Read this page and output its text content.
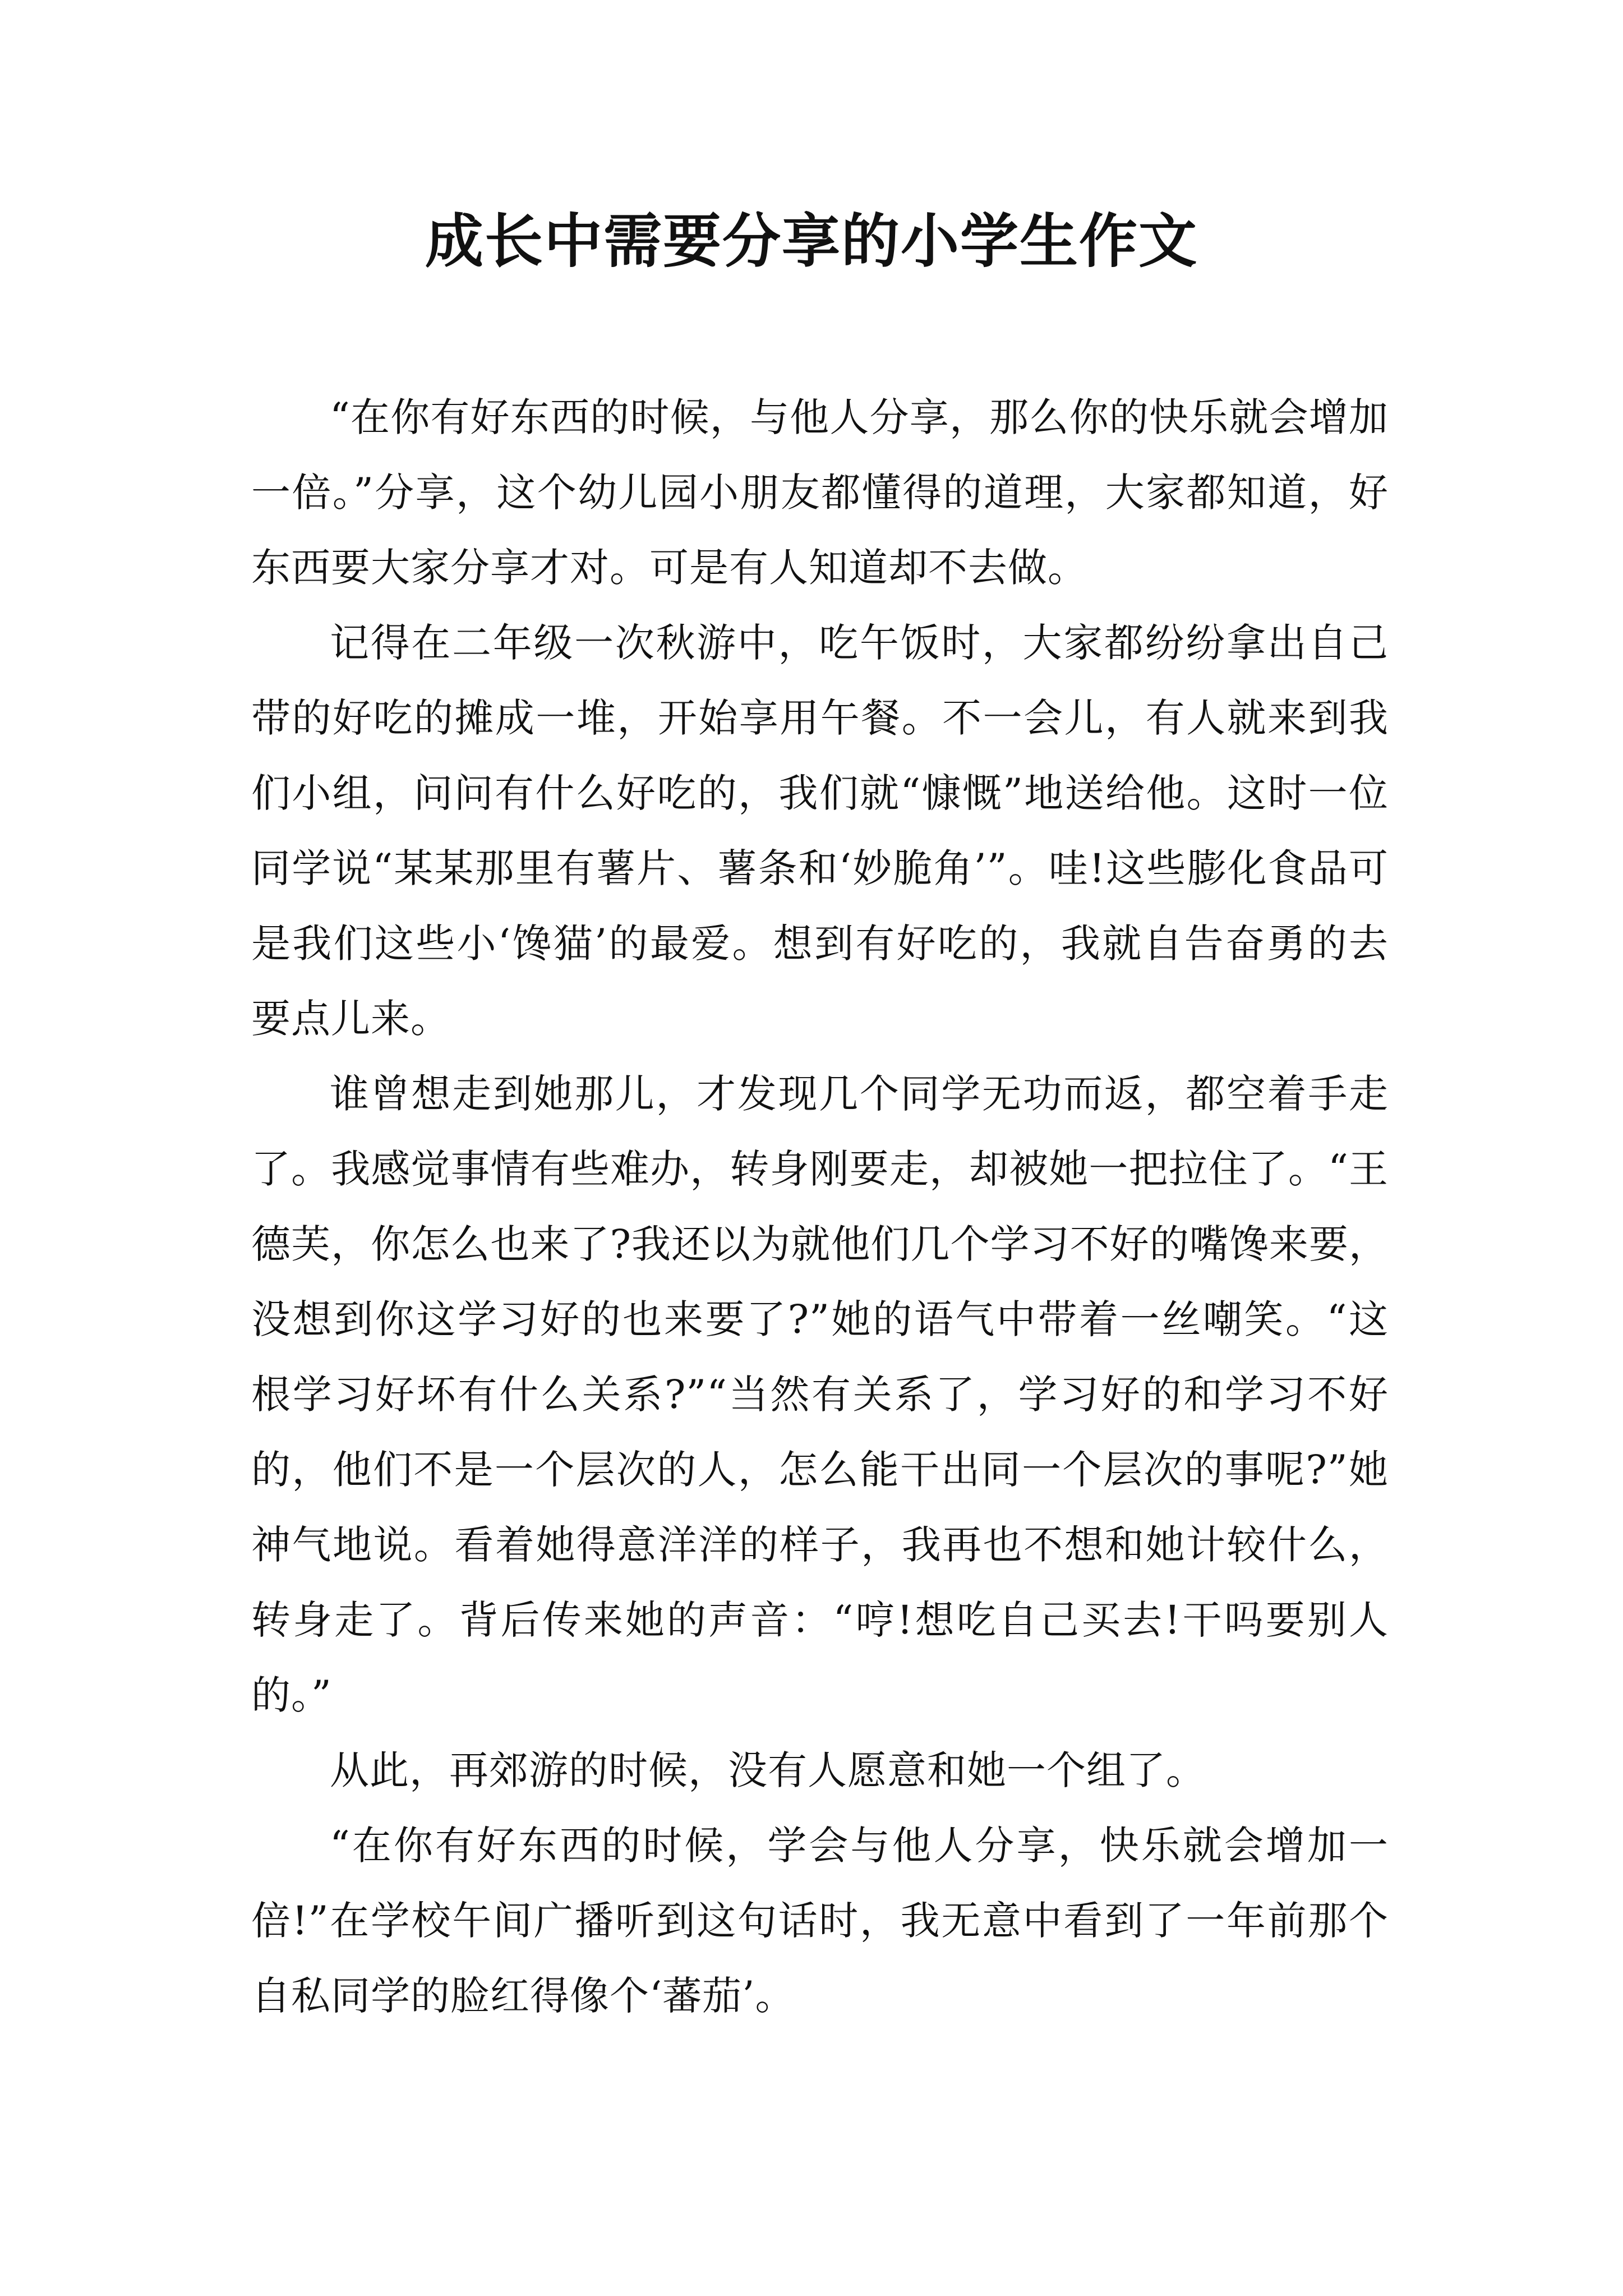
成长中需要分享的小学生作文

“在你有好东西的时候，与他人分享，那么你的快乐就会增加一倍。”分享，这个幼儿园小朋友都懂得的道理，大家都知道，好东西要大家分享才对。可是有人知道却不去做。

记得在二年级一次秋游中，吃午饭时，大家都纷纷拿出自己带的好吃的摊成一堆，开始享用午餐。不一会儿，有人就来到我们小组，问问有什么好吃的，我们就“慷慨”地送给他。这时一位同学说“某某那里有薯片、薯条和‘妙脆角’”。哇!这些膨化食品可是我们这些小‘馋猫’的最爱。想到有好吃的，我就自告奋勇的去要点儿来。

谁曾想走到她那儿，才发现几个同学无功而返，都空着手走了。我感觉事情有些难办，转身刚要走，却被她一把拉住了。“王德芙，你怎么也来了?我还以为就他们几个学习不好的嘴馋来要，没想到你这学习好的也来要了?”她的语气中带着一丝嘲笑。“这根学习好坏有什么关系?”“当然有关系了，学习好的和学习不好的，他们不是一个层次的人，怎么能干出同一个层次的事呢?”她神气地说。看着她得意洋洋的样子，我再也不想和她计较什么，转身走了。背后传来她的声音：“哼!想吃自己买去!干吗要别人的。”

从此，再郊游的时候，没有人愿意和她一个组了。

“在你有好东西的时候，学会与他人分享，快乐就会增加一倍!”在学校午间广播听到这句话时，我无意中看到了一年前那个自私同学的脸红得像个‘蕃茄’。
